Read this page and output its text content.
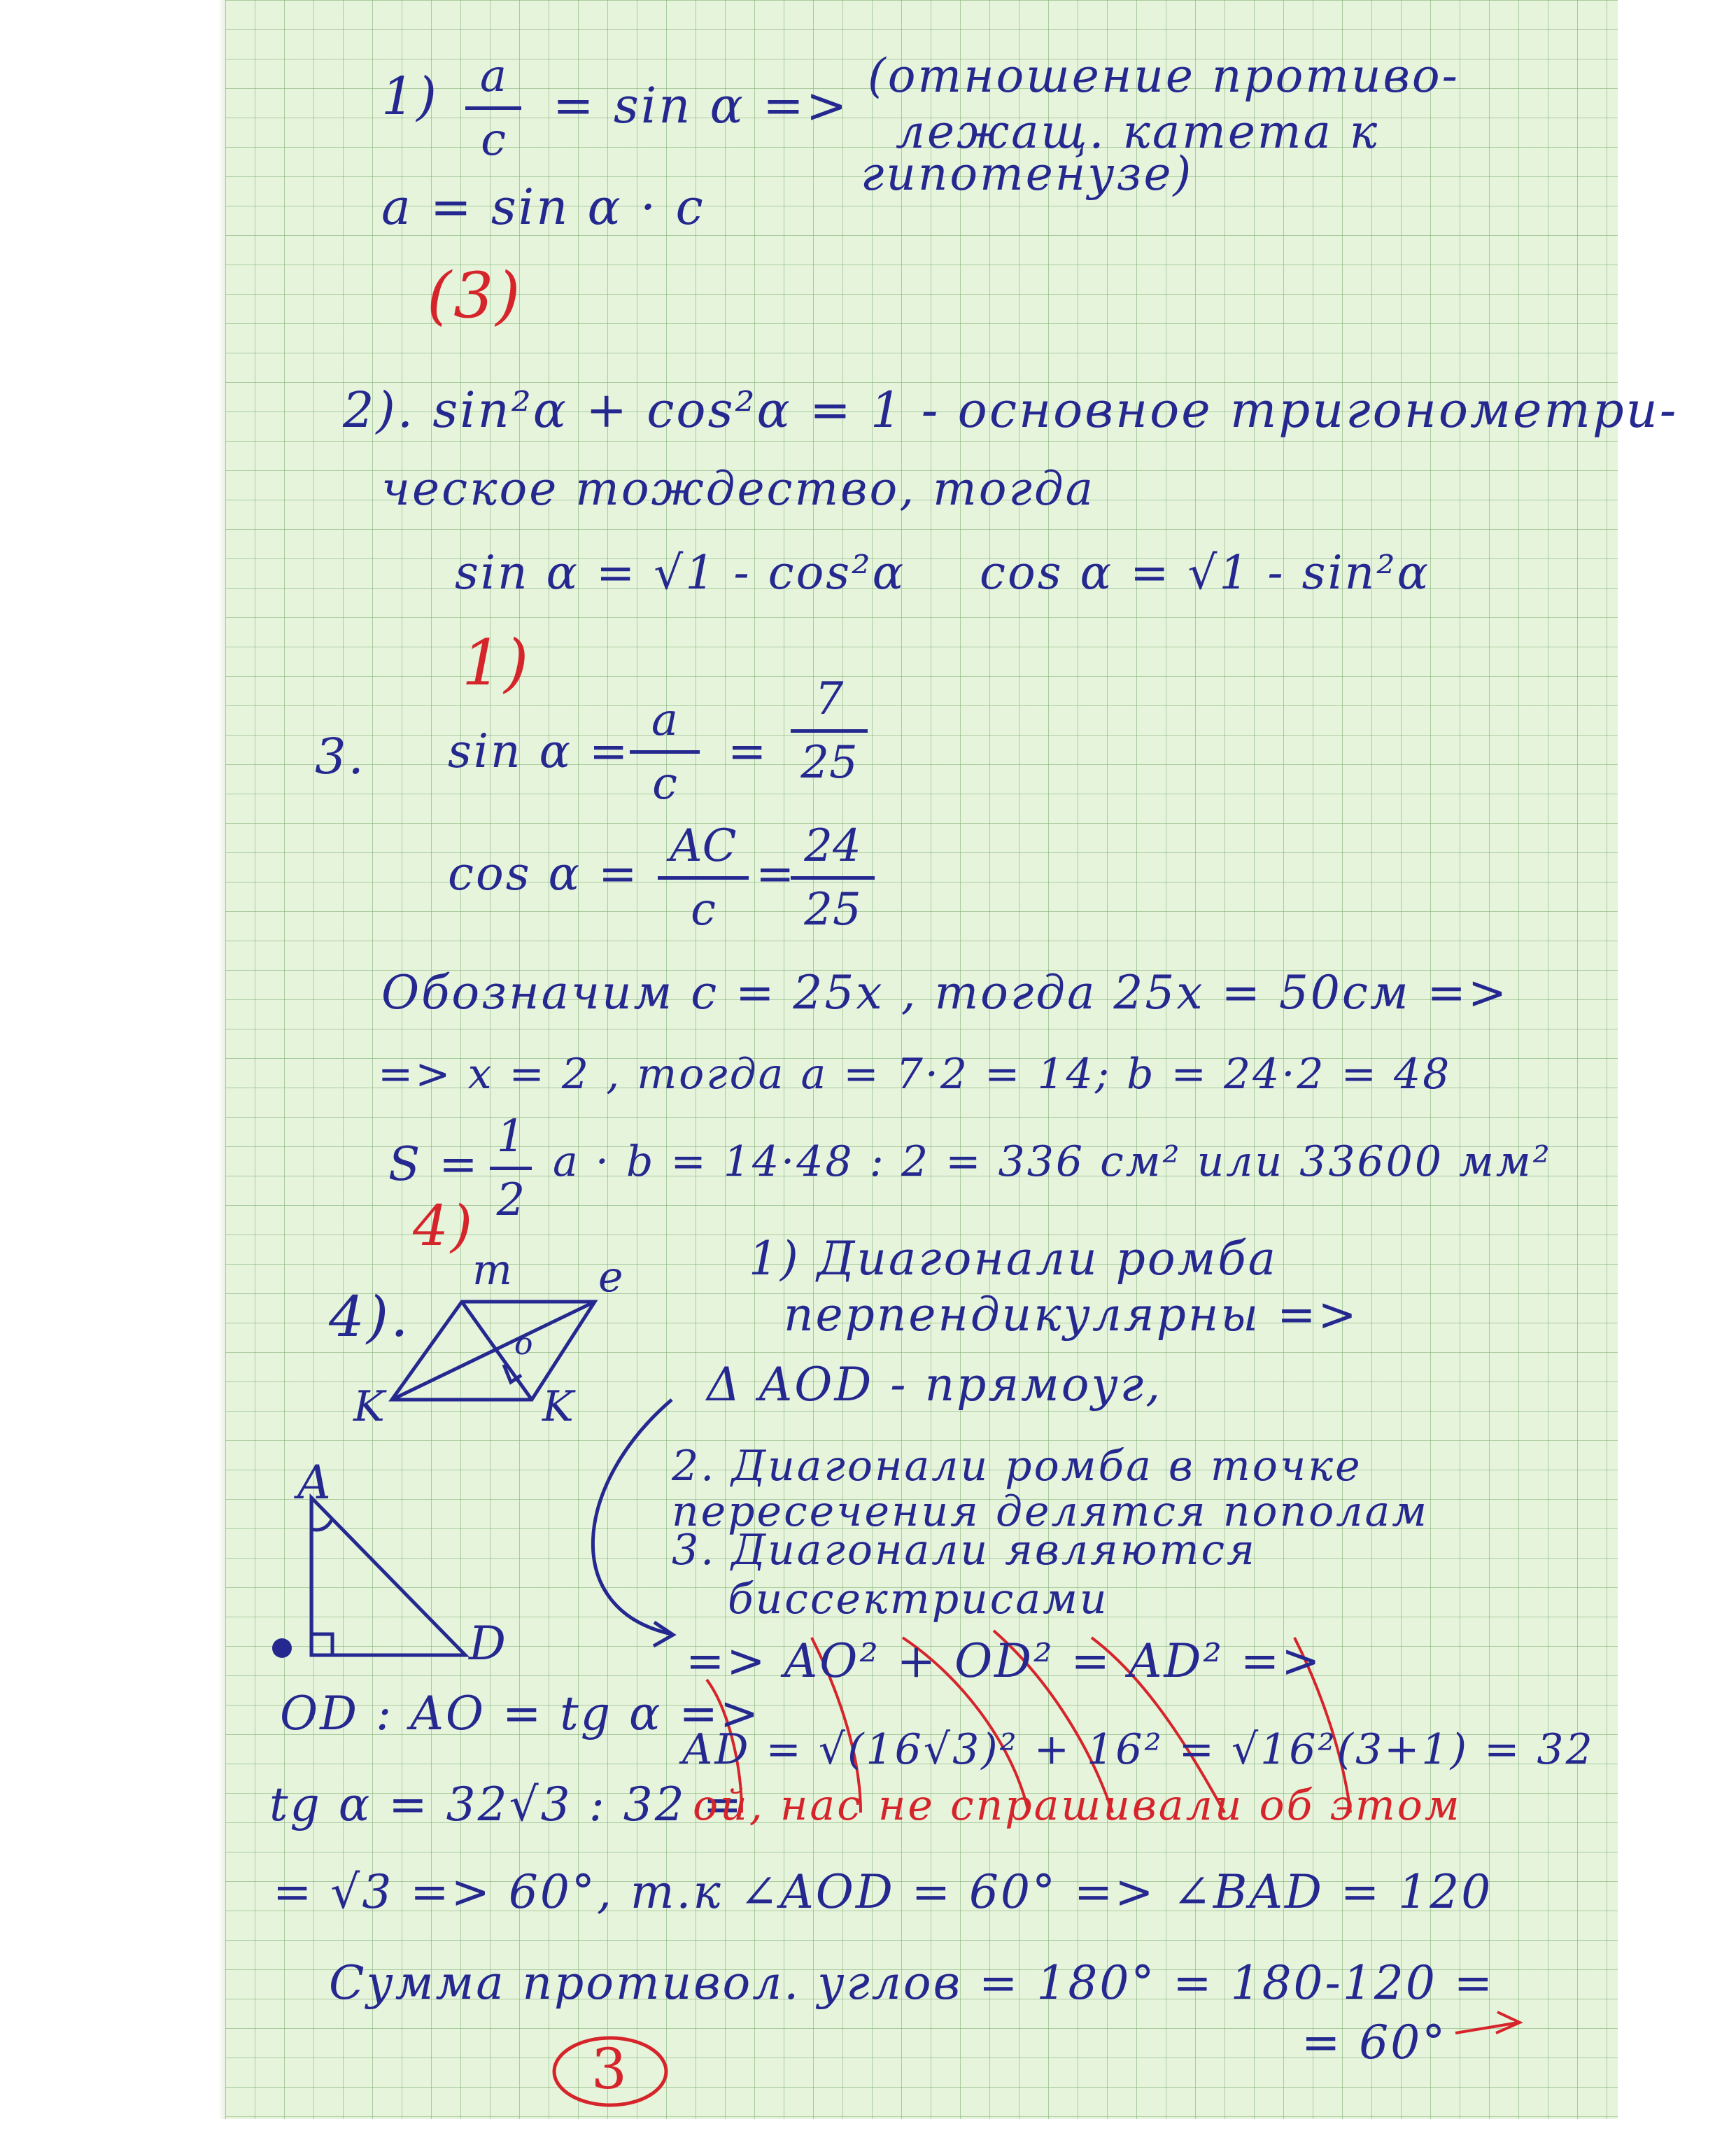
1) a
c
= sin α =>
(отношение противо-
лежащ. катета к
гипотенузе)
a = sin α · c
(3)
2). sin²α + cos²α = 1 - основное тригонометри-
ческое тождество, тогда
sin α = √1 - cos²α cos α = √1 - sin²α
1)
3. sin α =
a
c
=
7
25
cos α =
AC
c
=
24
25
Обозначим c = 25x , тогда 25x = 50см =>
=> x = 2 , тогда a = 7·2 = 14; b = 24·2 = 48
S =
1
2
a · b = 14·48 : 2 = 336 см² или 33600 мм²
4)
4).
m e
K	K
o
A
D
1) Диагонали ромба
перпендикулярны =>
Δ AOD - прямоуг,
2. Диагонали ромба в точке
пересечения делятся пополам
3. Диагонали являются
биссектрисами
=> AO² + OD² = AD² =>
AD = √(16√3)² + 16² = √16²(3+1) = 32
OD : AO = tg α =>
tg α = 32√3 : 32 =
ой, нас не спрашивали об этом
= √3 => 60°, т.к ∠AOD = 60° => ∠BAD = 120
Сумма противол. углов = 180° = 180-120 =
= 60°
3
